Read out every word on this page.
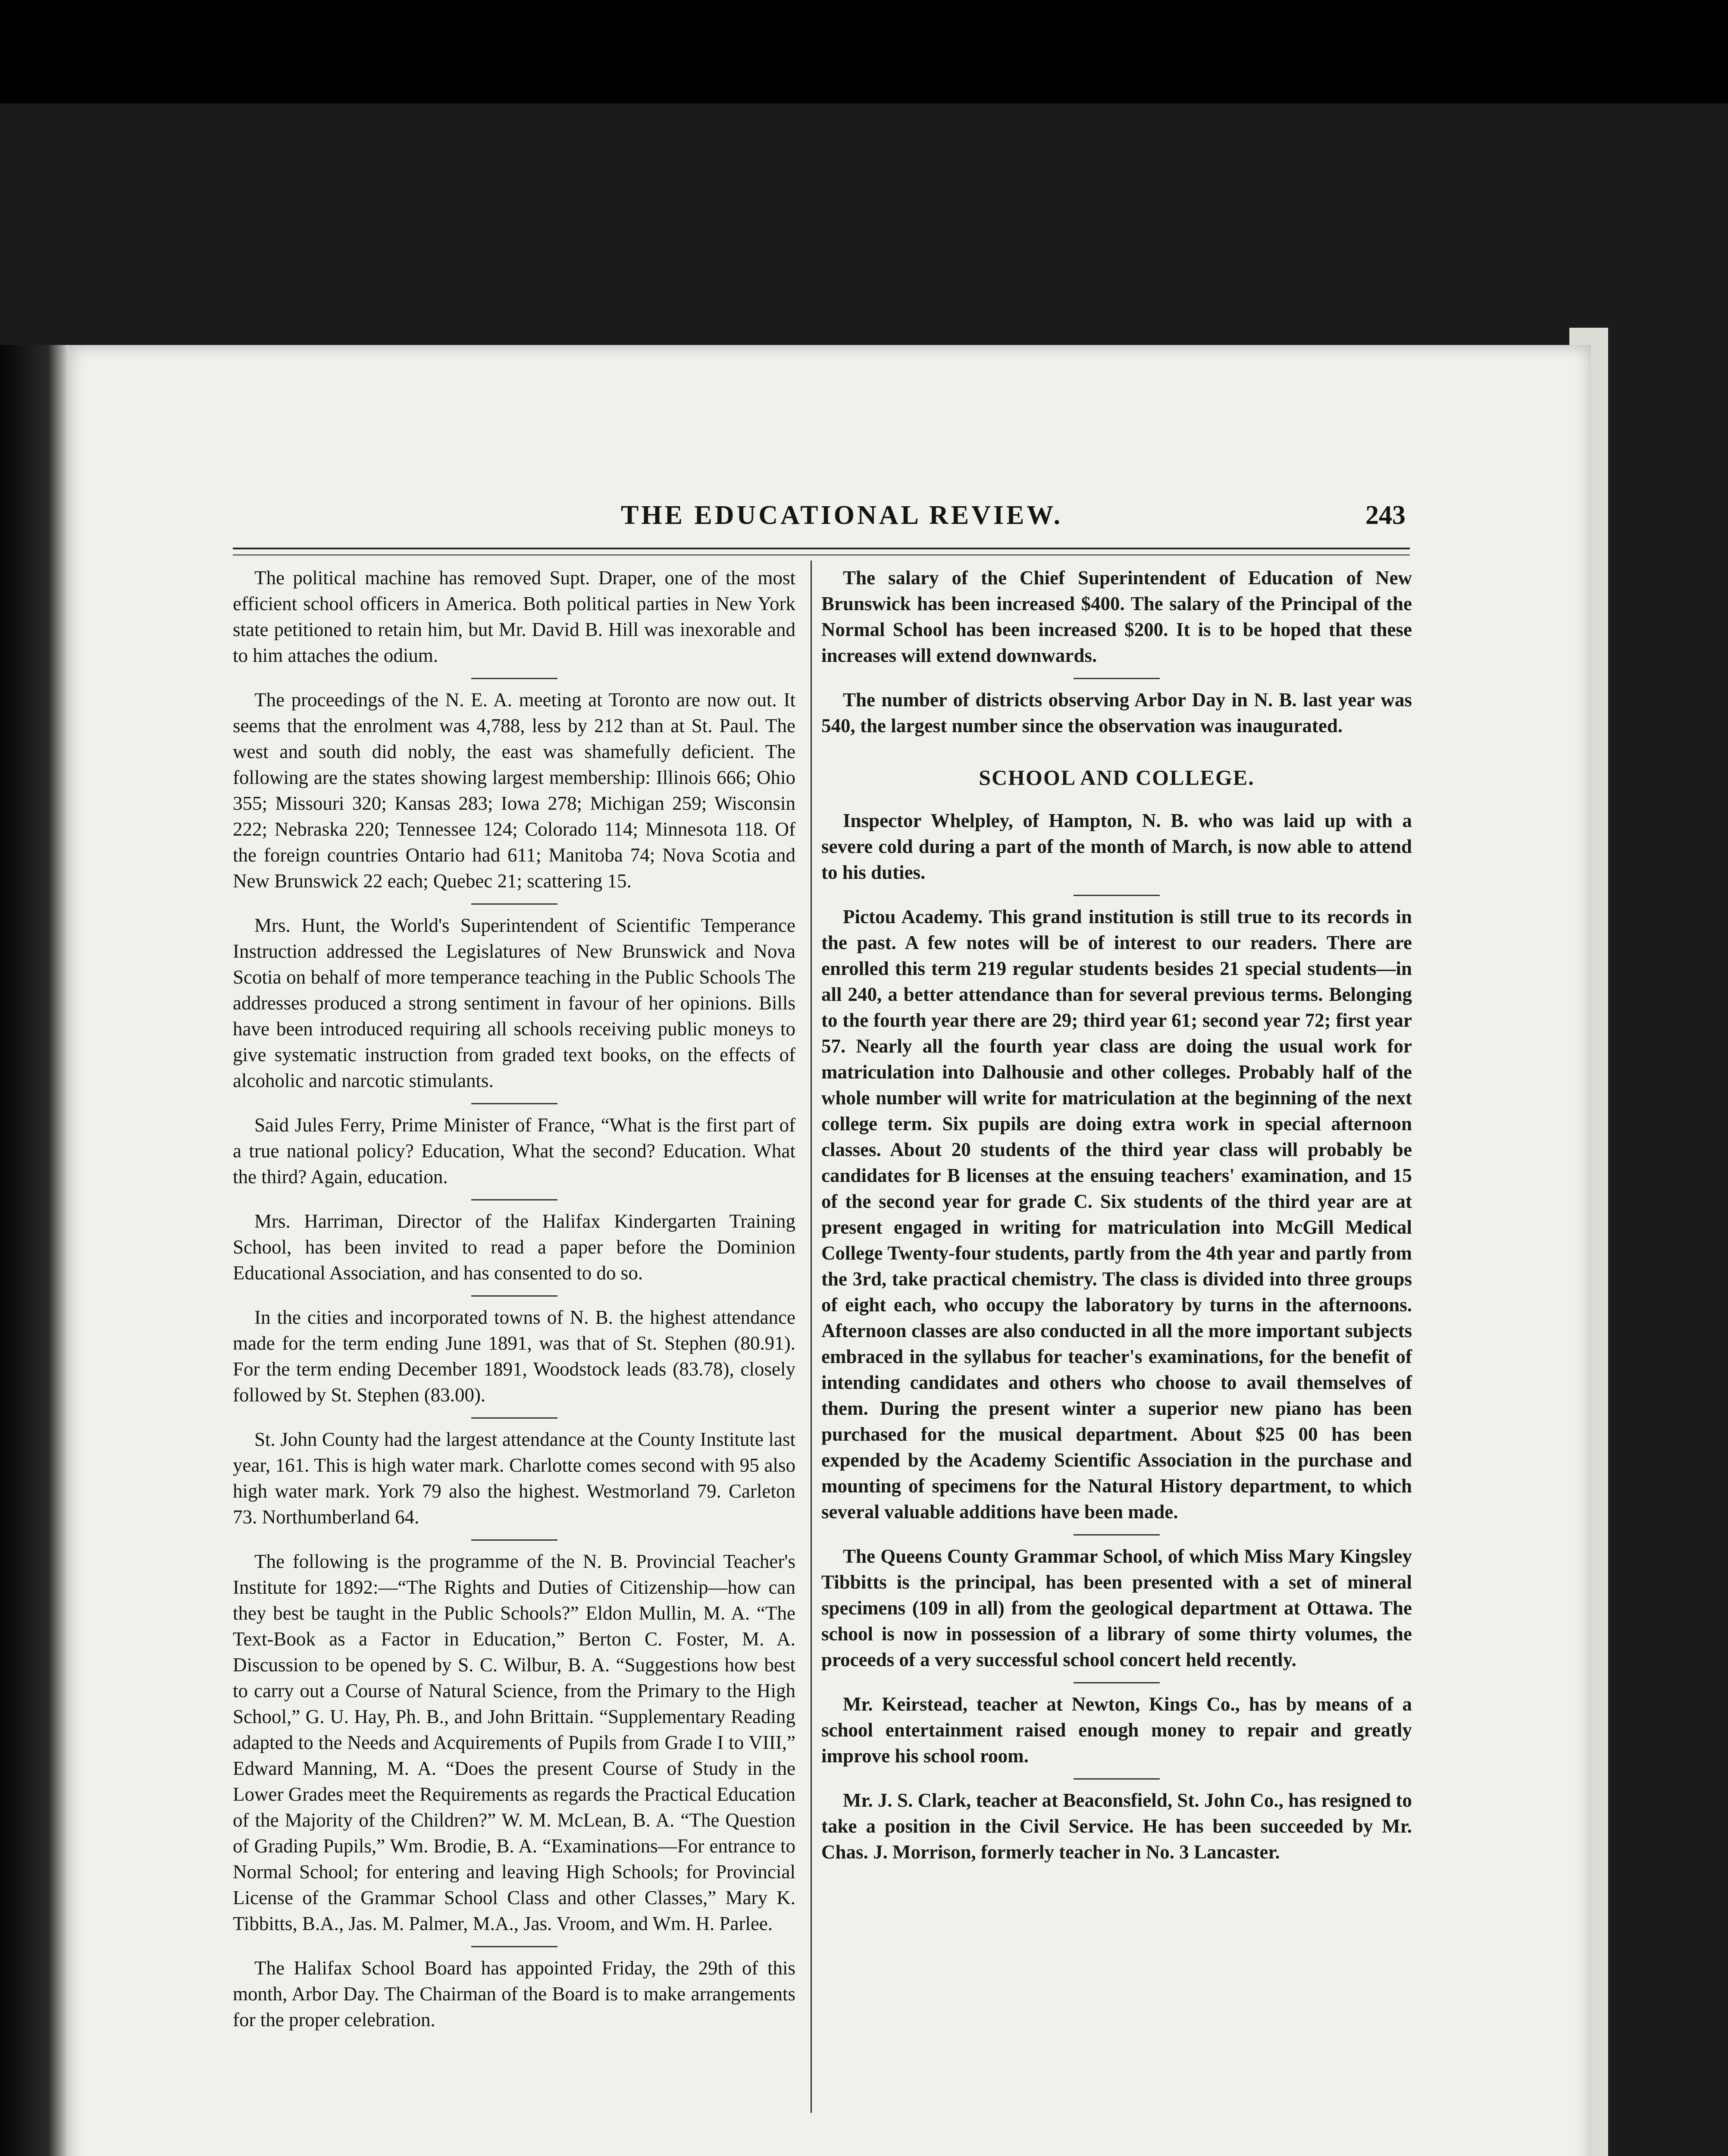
THE EDUCATIONAL REVIEW.	243

The political machine has removed Supt. Draper, one of the most efficient school officers in America. Both political parties in New York state petitioned to retain him, but Mr. David B. Hill was inexorable and to him attaches the odium.

The proceedings of the N. E. A. meeting at Toronto are now out. It seems that the enrolment was 4,788, less by 212 than at St. Paul. The west and south did nobly, the east was shamefully deficient. The following are the states showing largest membership: Illinois 666; Ohio 355; Missouri 320; Kansas 283; Iowa 278; Michigan 259; Wisconsin 222; Nebraska 220; Tennessee 124; Colorado 114; Minnesota 118. Of the foreign countries Ontario had 611; Manitoba 74; Nova Scotia and New Brunswick 22 each; Quebec 21; scattering 15.

Mrs. Hunt, the World's Superintendent of Scientific Temperance Instruction addressed the Legislatures of New Brunswick and Nova Scotia on behalf of more temperance teaching in the Public Schools The addresses produced a strong sentiment in favour of her opinions. Bills have been introduced requiring all schools receiving public moneys to give systematic instruction from graded text books, on the effects of alcoholic and narcotic stimulants.

Said Jules Ferry, Prime Minister of France, “What is the first part of a true national policy? Education, What the second? Education. What the third? Again, education.

Mrs. Harriman, Director of the Halifax Kindergarten Training School, has been invited to read a paper before the Dominion Educational Association, and has consented to do so.

In the cities and incorporated towns of N. B. the highest attendance made for the term ending June 1891, was that of St. Stephen (80.91). For the term ending December 1891, Woodstock leads (83.78), closely followed by St. Stephen (83.00).

St. John County had the largest attendance at the County Institute last year, 161. This is high water mark. Charlotte comes second with 95 also high water mark. York 79 also the highest. Westmorland 79. Carleton 73. Northumberland 64.

The following is the programme of the N. B. Provincial Teacher's Institute for 1892:—“The Rights and Duties of Citizenship—how can they best be taught in the Public Schools?” Eldon Mullin, M. A. “The Text-Book as a Factor in Education,” Berton C. Foster, M. A. Discussion to be opened by S. C. Wilbur, B. A. “Suggestions how best to carry out a Course of Natural Science, from the Primary to the High School,” G. U. Hay, Ph. B., and John Brittain. “Supplementary Reading adapted to the Needs and Acquirements of Pupils from Grade I to VIII,” Edward Manning, M. A. “Does the present Course of Study in the Lower Grades meet the Requirements as regards the Practical Education of the Majority of the Children?” W. M. McLean, B. A. “The Question of Grading Pupils,” Wm. Brodie, B. A. “Examinations—For entrance to Normal School; for entering and leaving High Schools; for Provincial License of the Grammar School Class and other Classes,” Mary K. Tibbitts, B.A., Jas. M. Palmer, M.A., Jas. Vroom, and Wm. H. Parlee.

The Halifax School Board has appointed Friday, the 29th of this month, Arbor Day. The Chairman of the Board is to make arrangements for the proper celebration.

The salary of the Chief Superintendent of Education of New Brunswick has been increased $400. The salary of the Principal of the Normal School has been increased $200. It is to be hoped that these increases will extend downwards.

The number of districts observing Arbor Day in N. B. last year was 540, the largest number since the observation was inaugurated.

SCHOOL AND COLLEGE.

Inspector Whelpley, of Hampton, N. B. who was laid up with a severe cold during a part of the month of March, is now able to attend to his duties.

Pictou Academy. This grand institution is still true to its records in the past. A few notes will be of interest to our readers. There are enrolled this term 219 regular students besides 21 special students—in all 240, a better attendance than for several previous terms. Belonging to the fourth year there are 29; third year 61; second year 72; first year 57. Nearly all the fourth year class are doing the usual work for matriculation into Dalhousie and other colleges. Probably half of the whole number will write for matriculation at the beginning of the next college term. Six pupils are doing extra work in special afternoon classes. About 20 students of the third year class will probably be candidates for B licenses at the ensuing teachers' examination, and 15 of the second year for grade C. Six students of the third year are at present engaged in writing for matriculation into McGill Medical College Twenty-four students, partly from the 4th year and partly from the 3rd, take practical chemistry. The class is divided into three groups of eight each, who occupy the laboratory by turns in the afternoons. Afternoon classes are also conducted in all the more important subjects embraced in the syllabus for teacher's examinations, for the benefit of intending candidates and others who choose to avail themselves of them. During the present winter a superior new piano has been purchased for the musical department. About $25 00 has been expended by the Academy Scientific Association in the purchase and mounting of specimens for the Natural History department, to which several valuable additions have been made.

The Queens County Grammar School, of which Miss Mary Kingsley Tibbitts is the principal, has been presented with a set of mineral specimens (109 in all) from the geological department at Ottawa. The school is now in possession of a library of some thirty volumes, the proceeds of a very successful school concert held recently.

Mr. Keirstead, teacher at Newton, Kings Co., has by means of a school entertainment raised enough money to repair and greatly improve his school room.

Mr. J. S. Clark, teacher at Beaconsfield, St. John Co., has resigned to take a position in the Civil Service. He has been succeeded by Mr. Chas. J. Morrison, formerly teacher in No. 3 Lancaster.
